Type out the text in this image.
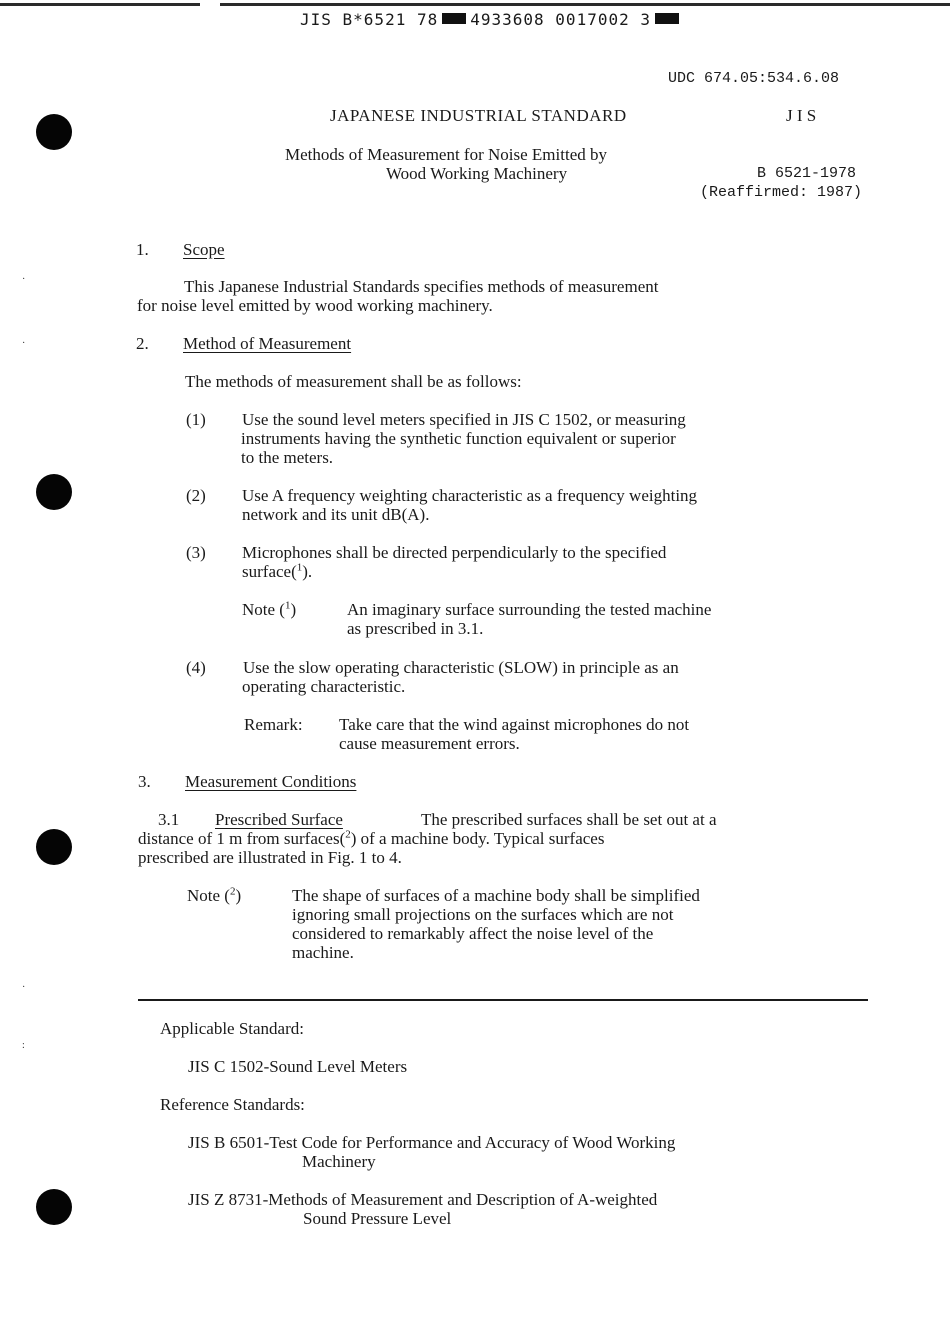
JIS B*6521 78 4933608 0017002 3
·
·
·
:
UDC 674.05:534.6.08
JAPANESE INDUSTRIAL STANDARD	J I S
Methods of Measurement for Noise Emitted by
Wood Working Machinery	B 6521-1978
(Reaffirmed: 1987)
1. Scope
This Japanese Industrial Standards specifies methods of measurement
for noise level emitted by wood working machinery.
2. Method of Measurement
The methods of measurement shall be as follows:
(1) Use the sound level meters specified in JIS C 1502, or measuring
instruments having the synthetic function equivalent or superior
to the meters.
(2) Use A frequency weighting characteristic as a frequency weighting
network and its unit dB(A).
(3) Microphones shall be directed perpendicularly to the specified
surface($^1$).
Note ($^1$)	An imaginary surface surrounding the tested machine
as prescribed in 3.1.
(4) Use the slow operating characteristic (SLOW) in principle as an
operating characteristic.
Remark: Take care that the wind against microphones do not
cause measurement errors.
3. Measurement Conditions
3.1 Prescribed Surface	The prescribed surfaces shall be set out at a
distance of 1 m from surfaces($^2$) of a machine body. Typical surfaces
prescribed are illustrated in Fig. 1 to 4.
Note ($^2$)	The shape of surfaces of a machine body shall be simplified
ignoring small projections on the surfaces which are not
considered to remarkably affect the noise level of the
machine.
Applicable Standard:
JIS C 1502-Sound Level Meters
Reference Standards:
JIS B 6501-Test Code for Performance and Accuracy of Wood Working
Machinery
JIS Z 8731-Methods of Measurement and Description of A-weighted
Sound Pressure Level
